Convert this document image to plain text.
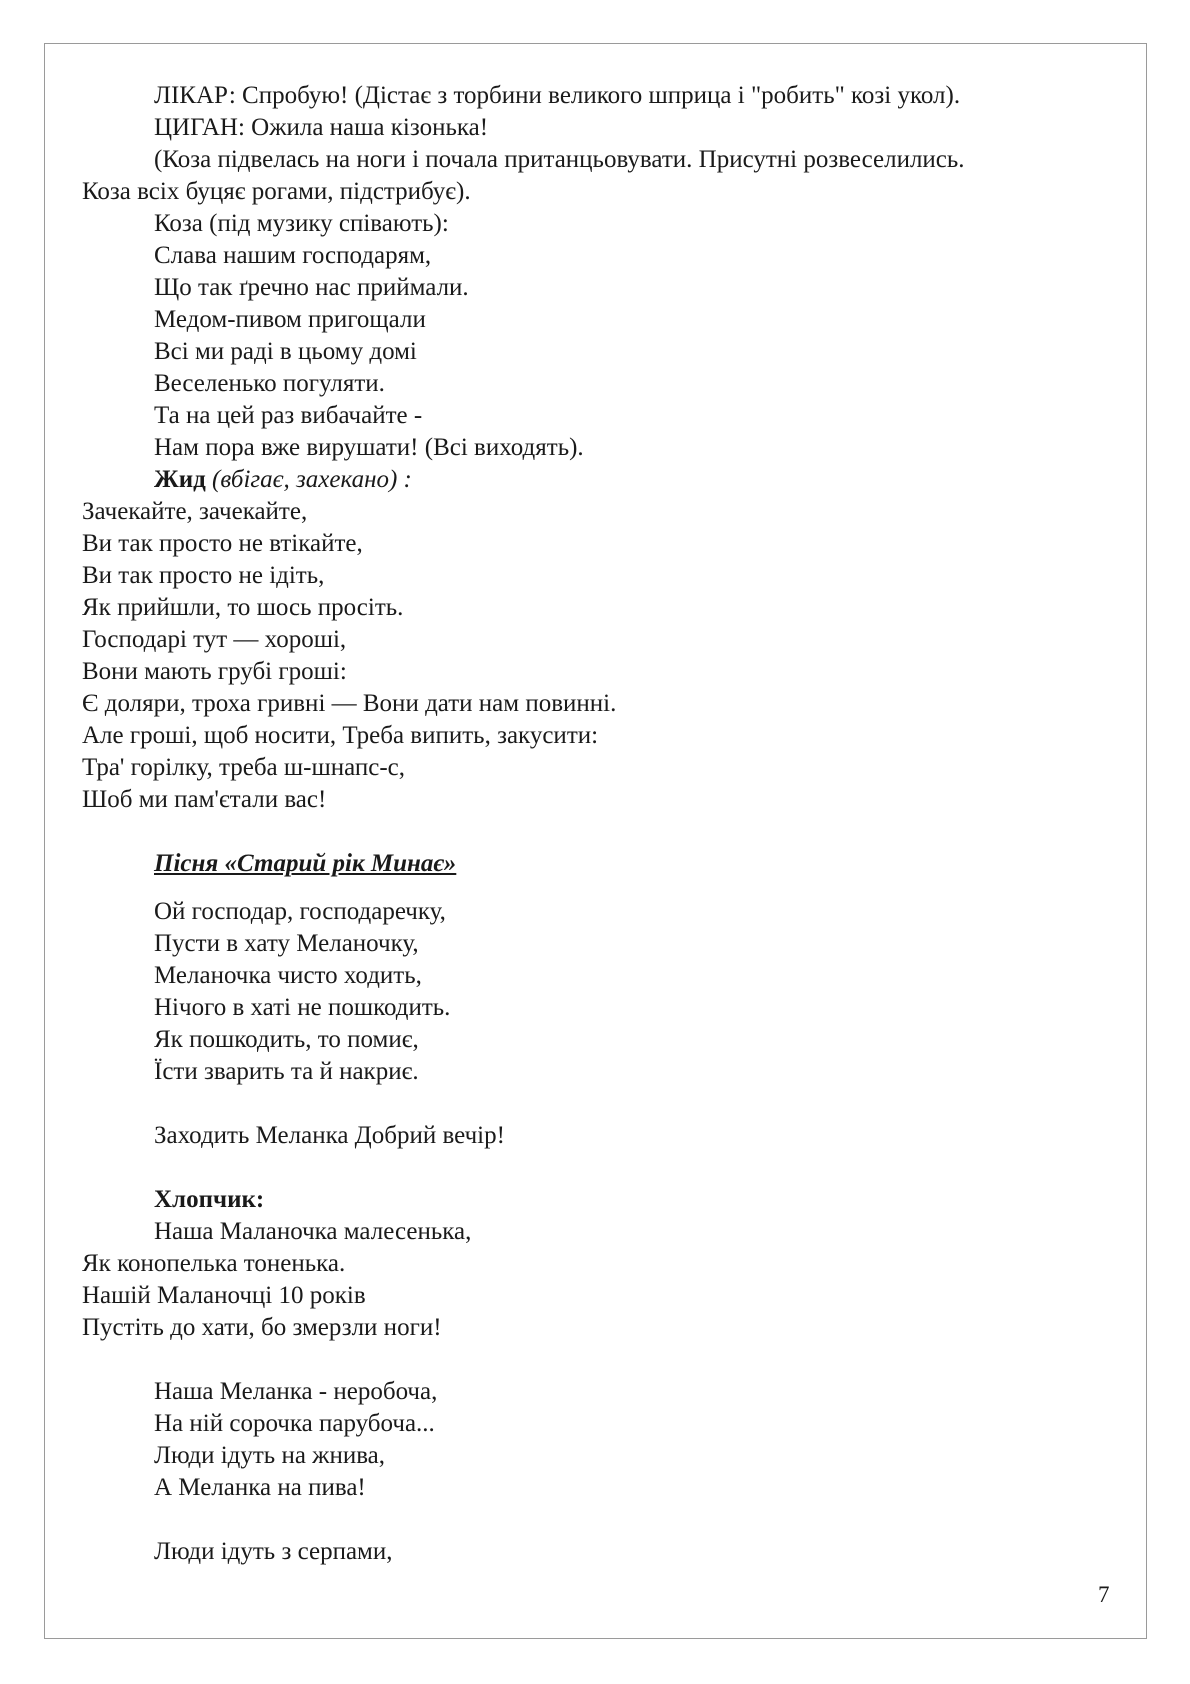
ЛІКАР: Спробую! (Дістає з торбини великого шприца і "робить" козі укол).
ЦИГАН: Ожила наша кізонька!
(Коза підвелась на ноги і почала пританцьовувати. Присутні розвеселились.
Коза всіх буцяє рогами, підстрибує).
Коза (під музику співають):
Слава нашим господарям,
Що так ґречно нас приймали.
Медом-пивом пригощали
Всі ми раді в цьому домі
Веселенько погуляти.
Та на цей раз вибачайте -
Нам пора вже вирушати! (Всі виходять).
Жид (вбігає, захекано) :
Зачекайте, зачекайте,
Ви так просто не втікайте,
Ви так просто не ідіть,
Як прийшли, то шось просіть.
Господарі тут — хороші,
Вони мають грубі гроші:
Є доляри, троха гривні — Вони дати нам повинні.
Але гроші, щоб носити, Треба випить, закусити:
Тра' горілку, треба ш-шнапс-с,
Шоб ми пам'єтали вас!
Пісня «Старий рік Минає»
Ой господар, господаречку,
Пусти в хату Меланочку,
Меланочка чисто ходить,
Нічого в хаті не пошкодить.
Як пошкодить, то помиє,
Їсти зварить та й накриє.
Заходить Меланка Добрий вечір!
Хлопчик:
Наша Маланочка малесенька,
Як конопелька тоненька.
Нашій Маланочці 10 років
Пустіть до хати, бо змерзли ноги!
Наша Меланка - неробоча,
На ній сорочка парубоча...
Люди ідуть на жнива,
А Меланка на пива!
Люди ідуть з серпами,
7
